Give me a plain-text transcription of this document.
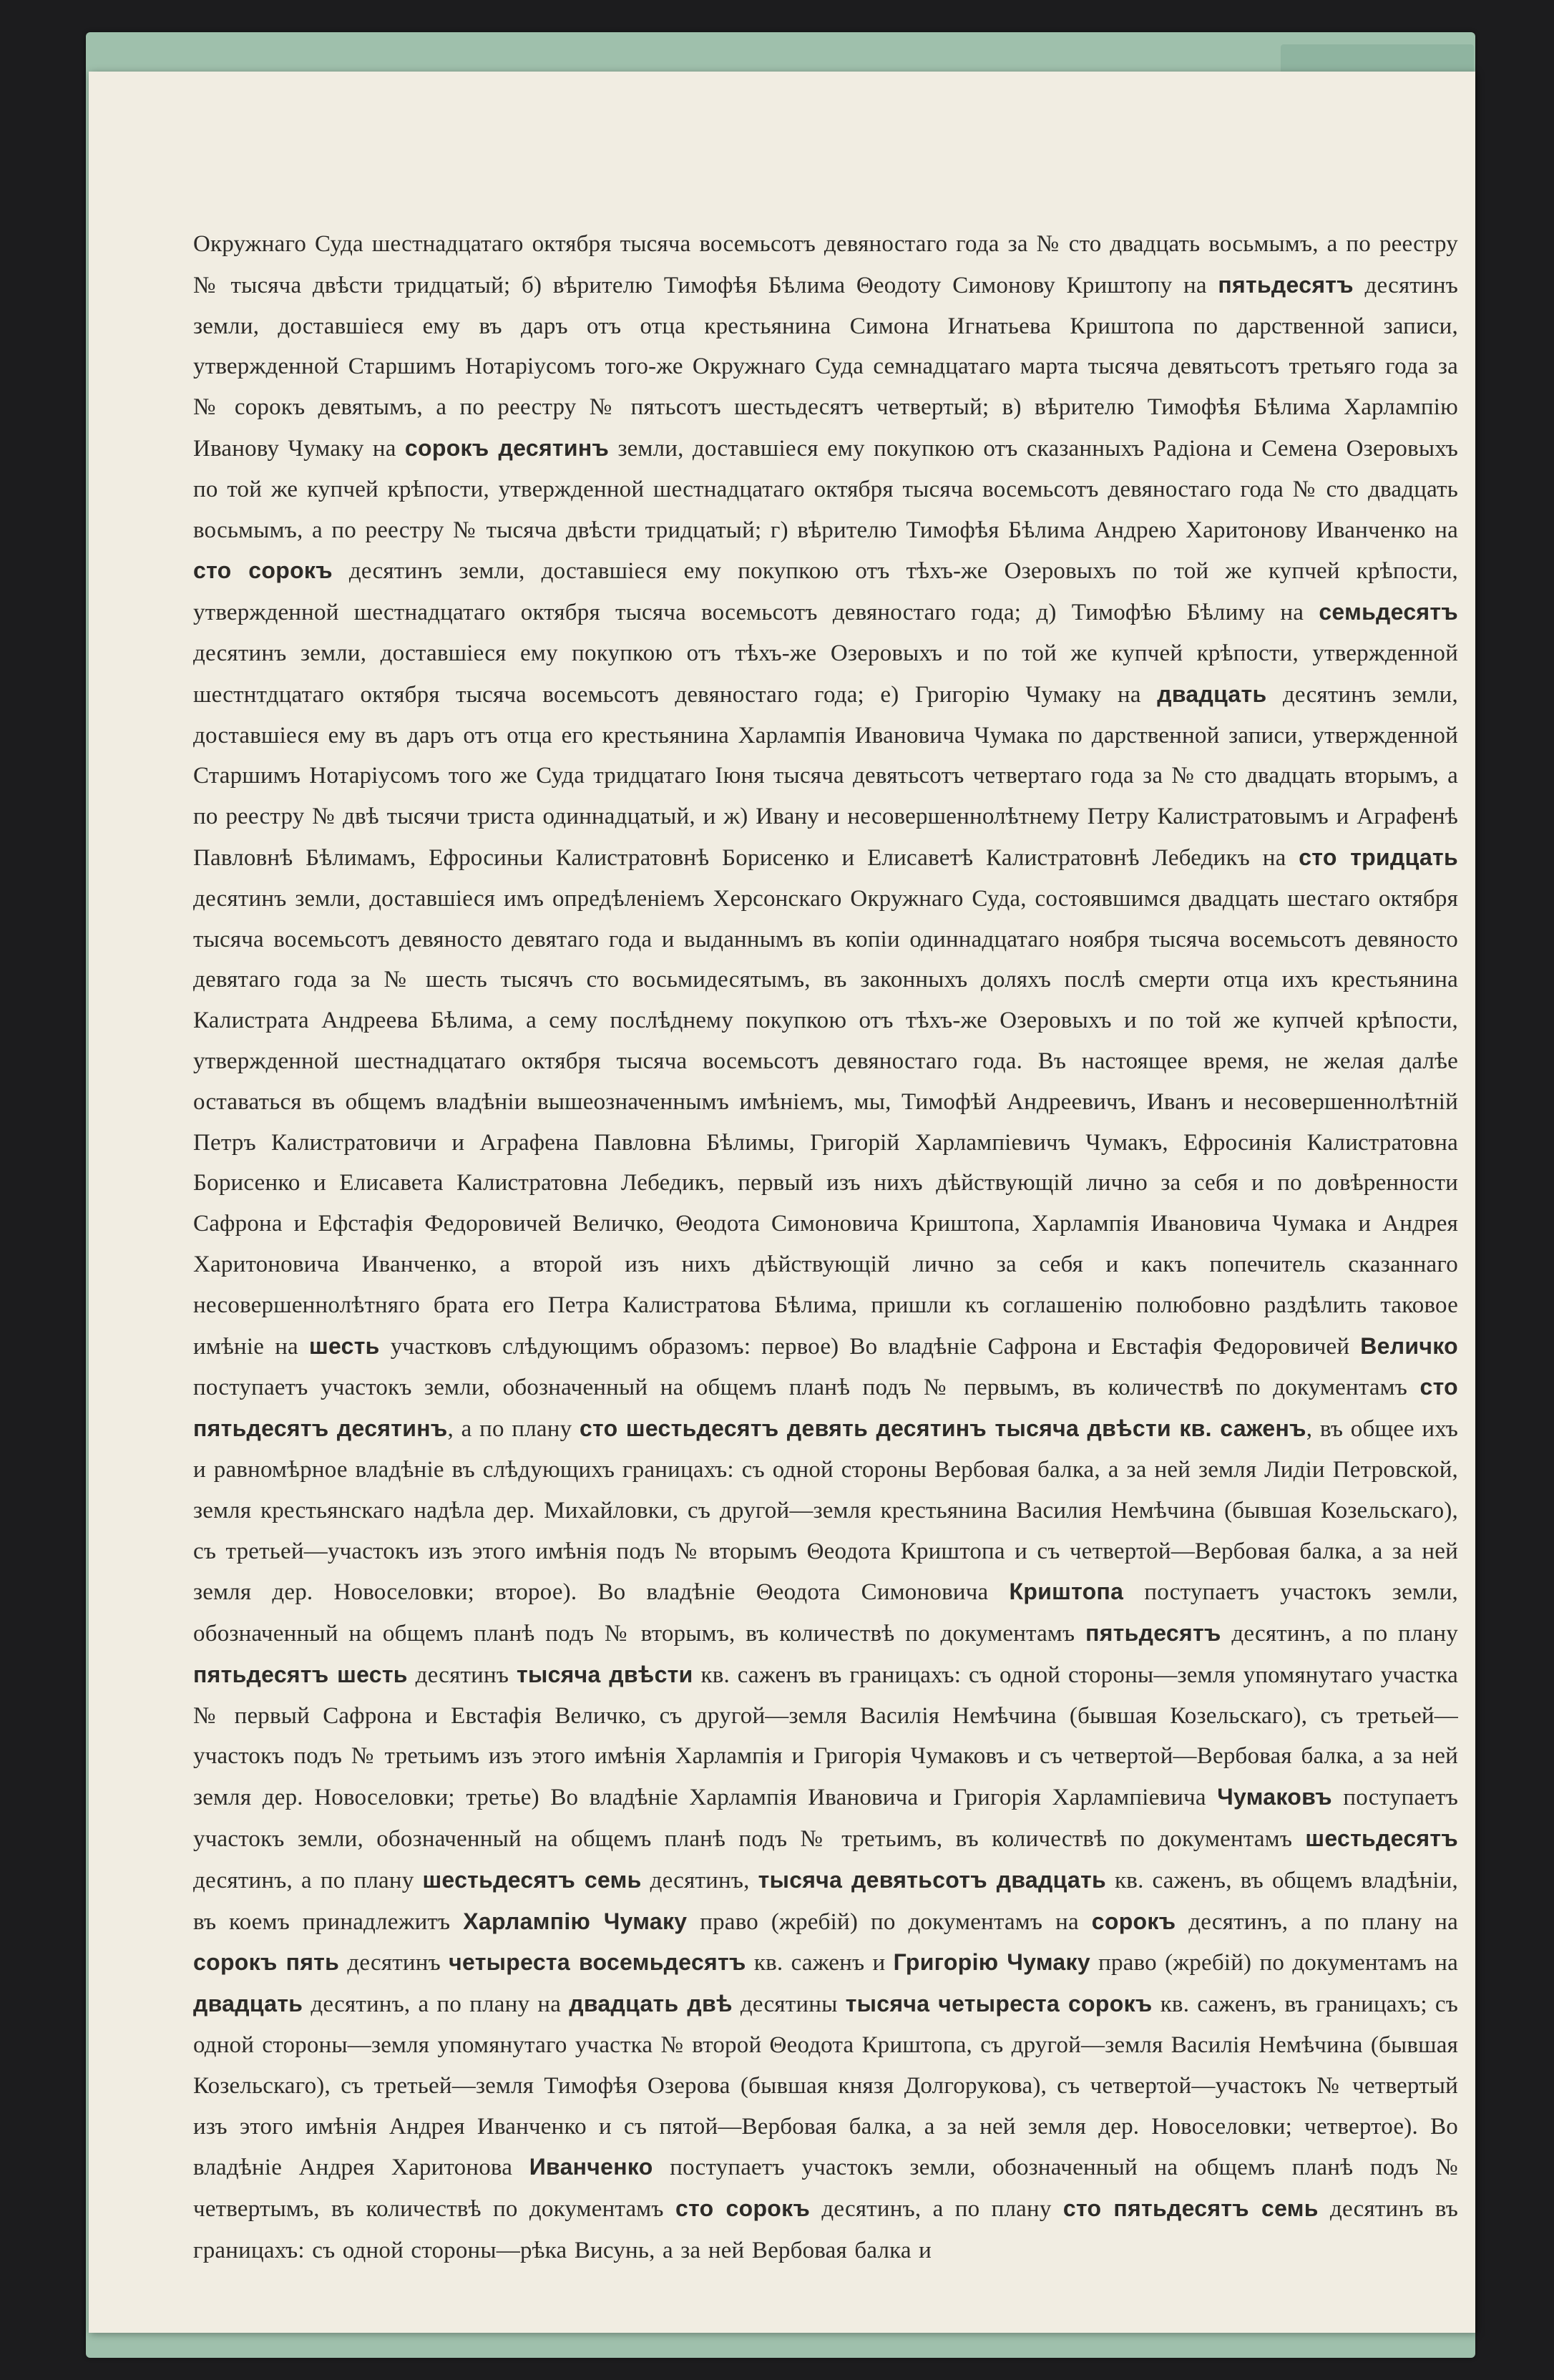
Окружнаго Суда шестнадцатаго октября тысяча восемьсотъ девяностаго года за № сто двадцать восьмымъ, а по реестру № тысяча двѣсти тридцатый; б) вѣрителю Тимофѣя Бѣлима Θеодоту Симонову Криштопу на пятьдесятъ десятинъ земли, доставшiеся ему въ даръ отъ отца крестьянина Симона Игнатьева Криштопа по дарственной записи, утвержденной Старшимъ Нотарiусомъ того-же Окружнаго Суда семнадцатаго марта тысяча девятьсотъ третьяго года за № сорокъ девятымъ, а по реестру № пятьсотъ шестьдесятъ четвертый; в) вѣрителю Тимофѣя Бѣлима Харлампiю Иванову Чумаку на сорокъ десятинъ земли, доставшiеся ему покупкою отъ сказанныхъ Радiона и Семена Озеровыхъ по той же купчей крѣпости, утвержденной шестнадцатаго октября тысяча восемьсотъ девяностаго года № сто двадцать восьмымъ, а по реестру № тысяча двѣсти тридцатый; г) вѣрителю Тимофѣя Бѣлима Андрею Харитонову Иванченко на сто сорокъ десятинъ земли, доставшiеся ему покупкою отъ тѣхъ-же Озеровыхъ по той же купчей крѣпости, утвержденной шестнадцатаго октября тысяча восемьсотъ девяностаго года; д) Тимофѣю Бѣлиму на семьдесятъ десятинъ земли, доставшiеся ему покупкою отъ тѣхъ-же Озеровыхъ и по той же купчей крѣпости, утвержденной шестнтдцатаго октября тысяча восемьсотъ девяностаго года; е) Григорiю Чумаку на двадцать десятинъ земли, доставшiеся ему въ даръ отъ отца его крестьянина Харлампiя Ивановича Чумака по дарственной записи, утвержденной Старшимъ Нотарiусомъ того же Суда тридцатаго Iюня тысяча девятьсотъ четвертаго года за № сто двадцать вторымъ, а по реестру № двѣ тысячи триста одиннадцатый, и ж) Ивану и несовершеннолѣтнему Петру Калистратовымъ и Аграфенѣ Павловнѣ Бѣлимамъ, Ефросиньи Калистратовнѣ Борисенко и Елисаветѣ Калистратовнѣ Лебедикъ на сто тридцать десятинъ земли, доставшiеся имъ опредѣленiемъ Херсонскаго Окружнаго Суда, состоявшимся двадцать шестаго октября тысяча восемьсотъ девяносто девятаго года и выданнымъ въ копiи одиннадцатаго ноября тысяча восемьсотъ девяносто девятаго года за № шесть тысячъ сто восьмидесятымъ, въ законныхъ доляхъ послѣ смерти отца ихъ крестьянина Калистрата Андреева Бѣлима, а сему послѣднему покупкою отъ тѣхъ-же Озеровыхъ и по той же купчей крѣпости, утвержденной шестнадцатаго октября тысяча восемьсотъ девяностаго года. Въ настоящее время, не желая далѣе оставаться въ общемъ владѣнiи вышеозначеннымъ имѣнiемъ, мы, Тимофѣй Андреевичъ, Иванъ и несовершеннолѣтнiй Петръ Калистратовичи и Аграфена Павловна Бѣлимы, Григорiй Харлампiевичъ Чумакъ, Ефросинiя Калистратовна Борисенко и Елисавета Калистратовна Лебедикъ, первый изъ нихъ дѣйствующiй лично за себя и по довѣренности Сафрона и Ефстафiя Федоровичей Величко, Θеодота Симоновича Криштопа, Харлампiя Ивановича Чумака и Андрея Харитоновича Иванченко, а второй изъ нихъ дѣйствующiй лично за себя и какъ попечитель сказаннаго несовершеннолѣтняго брата его Петра Калистратова Бѣлима, пришли къ соглашенiю полюбовно раздѣлить таковое имѣнiе на шесть участковъ слѣдующимъ образомъ: первое) Во владѣнiе Сафрона и Евстафiя Федоровичей Величко поступаетъ участокъ земли, обозначенный на общемъ планѣ подъ № первымъ, въ количествѣ по документамъ сто пятьдесятъ десятинъ, а по плану сто шестьдесятъ девять десятинъ тысяча двѣсти кв. саженъ, въ общее ихъ и равномѣрное владѣнiе въ слѣдующихъ границахъ: съ одной стороны Вербовая балка, а за ней земля Лидiи Петровской, земля крестьянскаго надѣла дер. Михайловки, съ другой—земля крестьянина Василия Немѣчина (бывшая Козельскаго), съ третьей—участокъ изъ этого имѣнiя подъ № вторымъ Θеодота Криштопа и съ четвертой—Вербовая балка, а за ней земля дер. Новоселовки; второе). Во владѣнiе Θеодота Симоновича Криштопа поступаетъ участокъ земли, обозначенный на общемъ планѣ подъ № вторымъ, въ количествѣ по документамъ пятьдесятъ десятинъ, а по плану пятьдесятъ шесть десятинъ тысяча двѣсти кв. саженъ въ границахъ: съ одной стороны—земля упомянутаго участка № первый Сафрона и Евстафiя Величко, съ другой—земля Василiя Немѣчина (бывшая Козельскаго), съ третьей—участокъ подъ № третьимъ изъ этого имѣнiя Харлампiя и Григорiя Чумаковъ и съ четвертой—Вербовая балка, а за ней земля дер. Новоселовки; третье) Во владѣнiе Харлампiя Ивановича и Григорiя Харлампiевича Чумаковъ поступаетъ участокъ земли, обозначенный на общемъ планѣ подъ № третьимъ, въ количествѣ по документамъ шестьдесятъ десятинъ, а по плану шестьдесятъ семь десятинъ, тысяча девятьсотъ двадцать кв. саженъ, въ общемъ владѣнiи, въ коемъ принадлежитъ Харлампiю Чумаку право (жребiй) по документамъ на сорокъ десятинъ, а по плану на сорокъ пять десятинъ четыреста восемьдесятъ кв. саженъ и Григорiю Чумаку право (жребiй) по документамъ на двадцать десятинъ, а по плану на двадцать двѣ десятины тысяча четыреста сорокъ кв. саженъ, въ границахъ; съ одной стороны—земля упомянутаго участка № второй Θеодота Криштопа, съ другой—земля Василiя Немѣчина (бывшая Козельскаго), съ третьей—земля Тимофѣя Озерова (бывшая князя Долгорукова), съ четвертой—участокъ № четвертый изъ этого имѣнiя Андрея Иванченко и съ пятой—Вербовая балка, а за ней земля дер. Новоселовки; четвертое). Во владѣнiе Андрея Харитонова Иванченко поступаетъ участокъ земли, обозначенный на общемъ планѣ подъ № четвертымъ, въ количествѣ по документамъ сто сорокъ десятинъ, а по плану сто пятьдесятъ семь десятинъ въ границахъ: съ одной стороны—рѣка Висунь, а за ней Вербовая балка и
